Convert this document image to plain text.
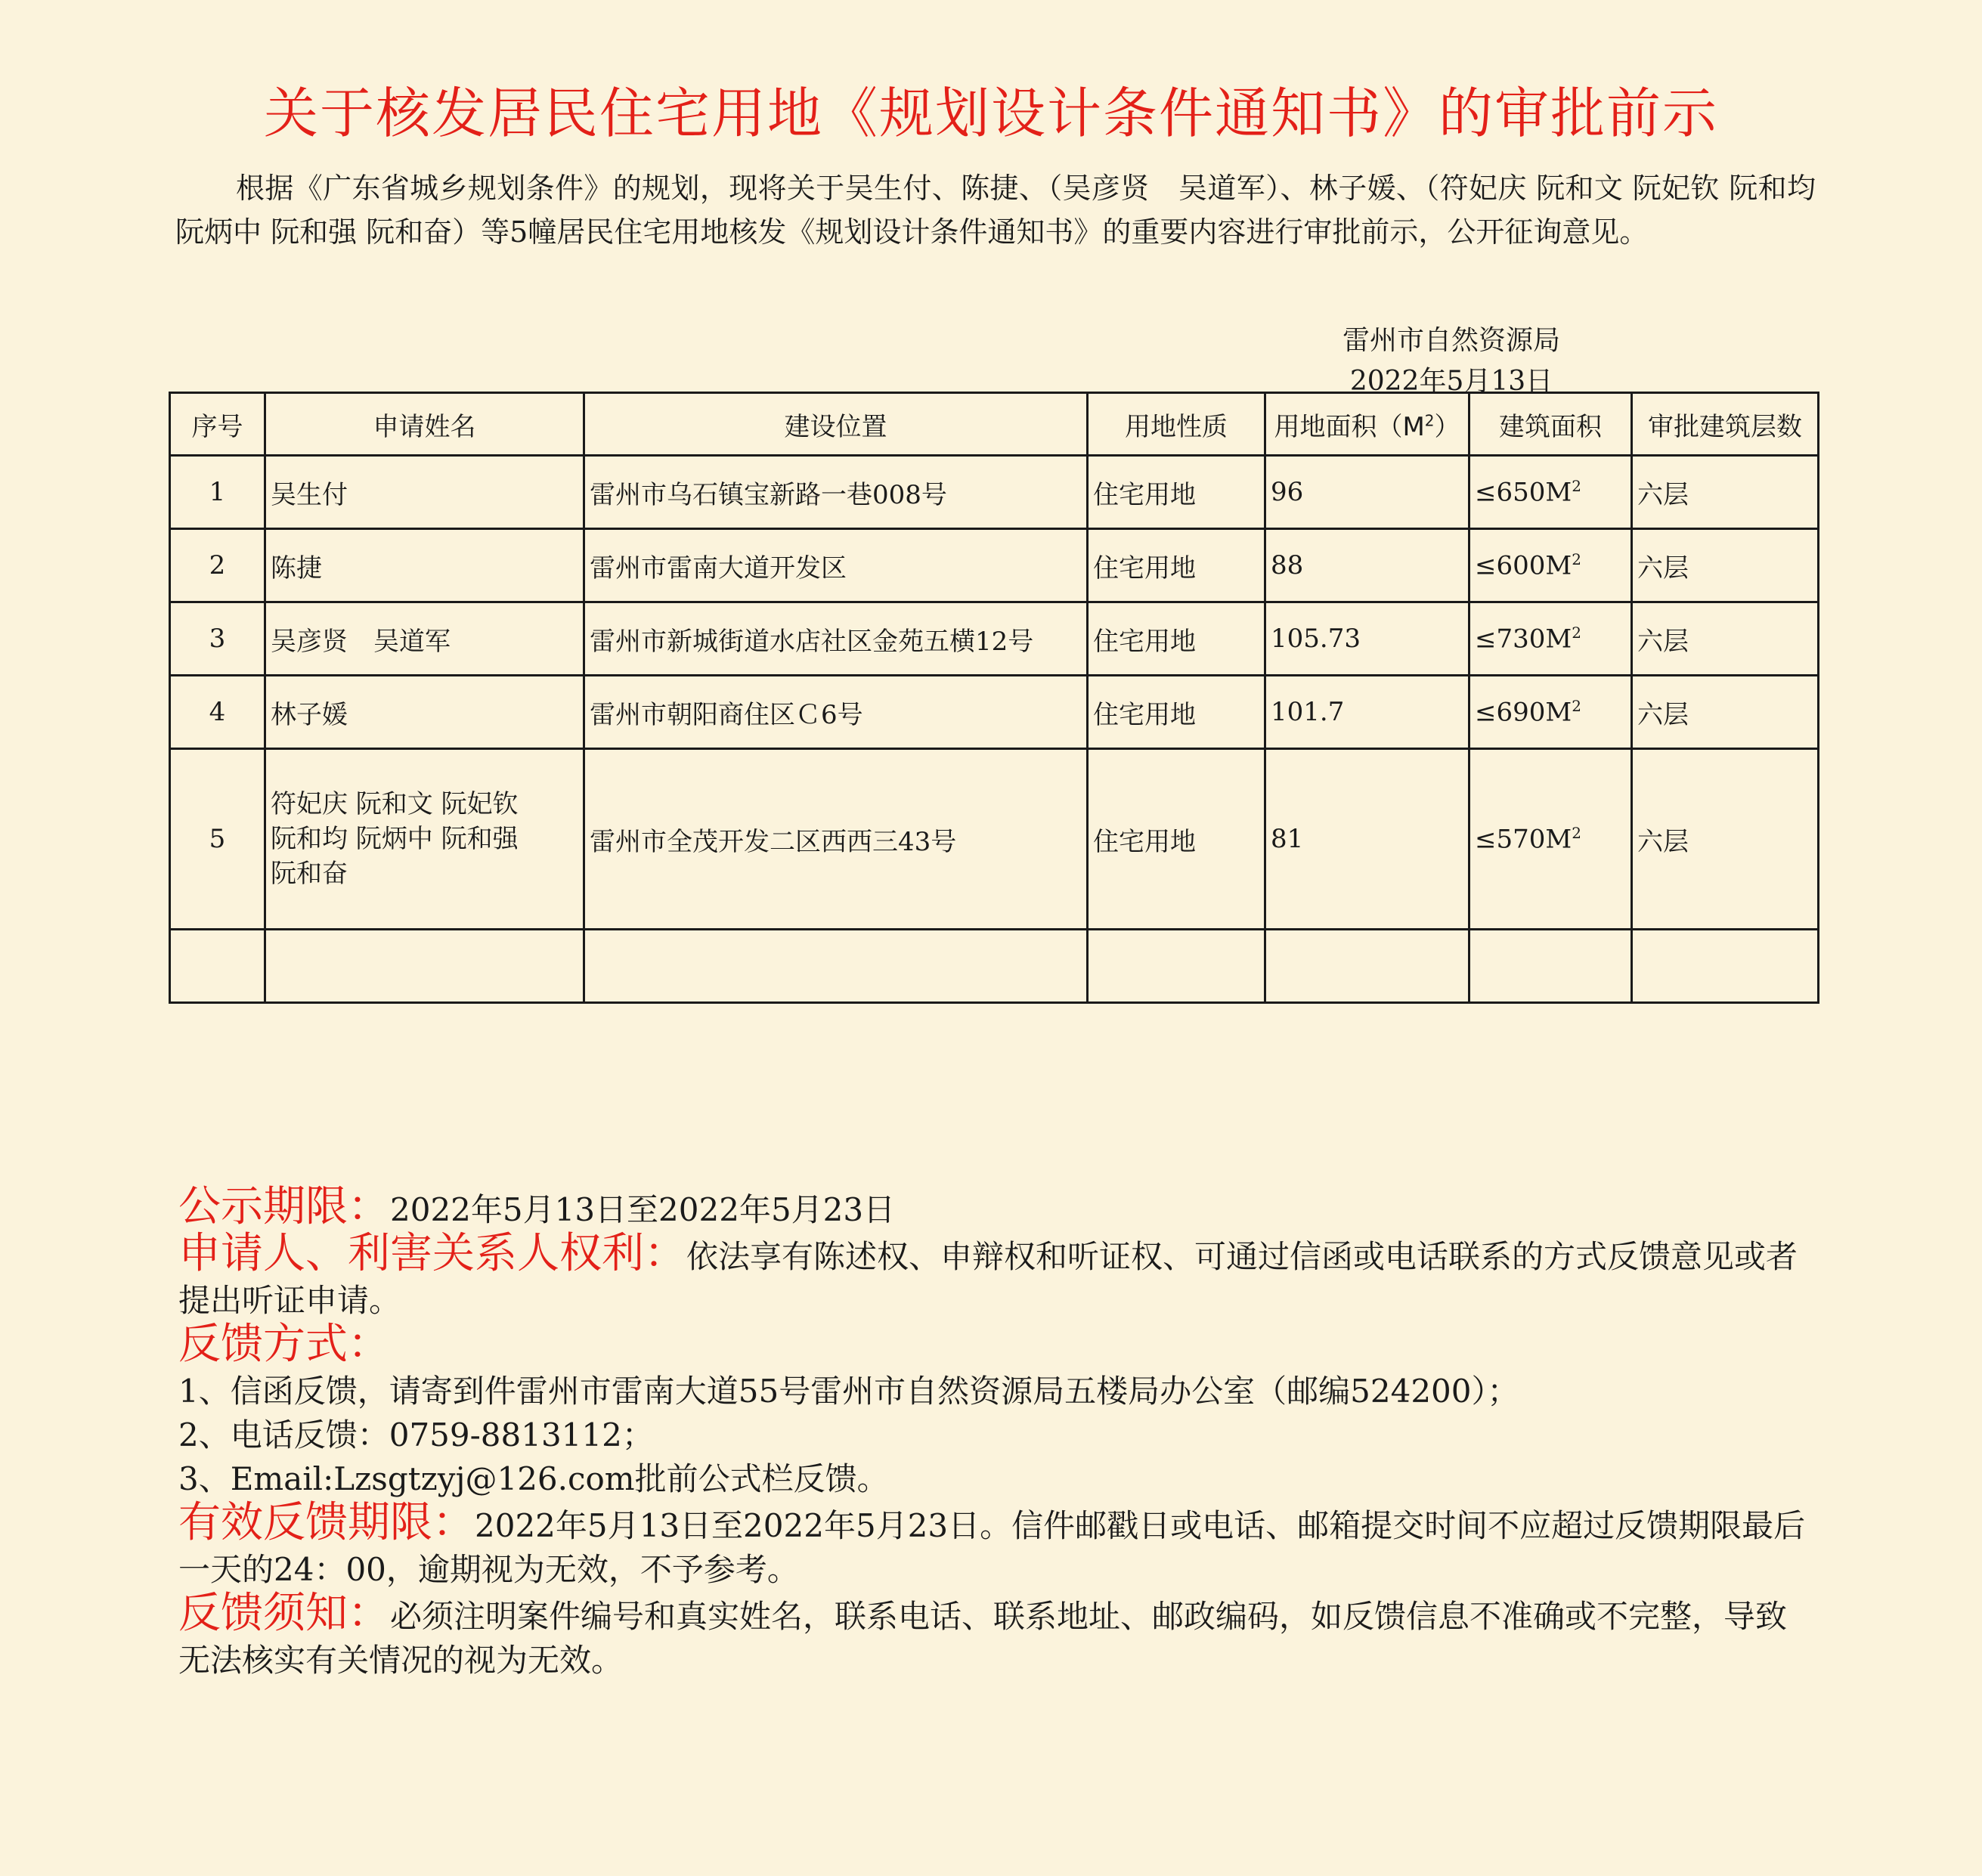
关于核发居民住宅用地《规划设计条件通知书》的审批前示
根据《广东省城乡规划条件》的规划，现将关于吴生付、陈捷、（吴彦贤　吴道军）、林子媛、（符妃庆 阮和文 阮妃钦 阮和均 阮炳中 阮和强 阮和奋）等5幢居民住宅用地核发《规划设计条件通知书》的重要内容进行审批前示，公开征询意见。
雷州市自然资源局
2022年5月13日
序号	申请姓名	建设位置	用地性质	用地面积$(M^2)$	建筑面积	审批建筑层数
1	吴生付	雷州市乌石镇宝新路一巷008号	住宅用地	96	$\le 650M^2$	六层
2	陈捷	雷州市雷南大道开发区	住宅用地	88	$\le 600M^2$	六层
3	吴彦贤　吴道军	雷州市新城街道水店社区金苑五横12号	住宅用地	105.73	$\le 730M^2$	六层
4	林子媛	雷州市朝阳商住区Ｃ6号	住宅用地	101.7	$\le 690M^2$	六层
5	符妃庆 阮和文 阮妃钦
阮和均 阮炳中 阮和强
阮和奋	雷州市全茂开发二区西西三43号	住宅用地	81	$\le 570M^2$	六层

公示期限：2022年5月13日至2022年5月23日

申请人、利害关系人权利：依法享有陈述权、申辩权和听证权、可通过信函或电话联系的方式反馈意见或者提出听证申请。

反馈方式：
1、信函反馈，请寄到件雷州市雷南大道55号雷州市自然资源局五楼局办公室（邮编524200）；
2、电话反馈：0759-8813112；
3、Email:Lzsgtzyj@126.com批前公式栏反馈。

有效反馈期限：2022年5月13日至2022年5月23日。信件邮戳日或电话、邮箱提交时间不应超过反馈期限最后一天的24：00，逾期视为无效，不予参考。

反馈须知：必须注明案件编号和真实姓名，联系电话、联系地址、邮政编码，如反馈信息不准确或不完整，导致无法核实有关情况的视为无效。
